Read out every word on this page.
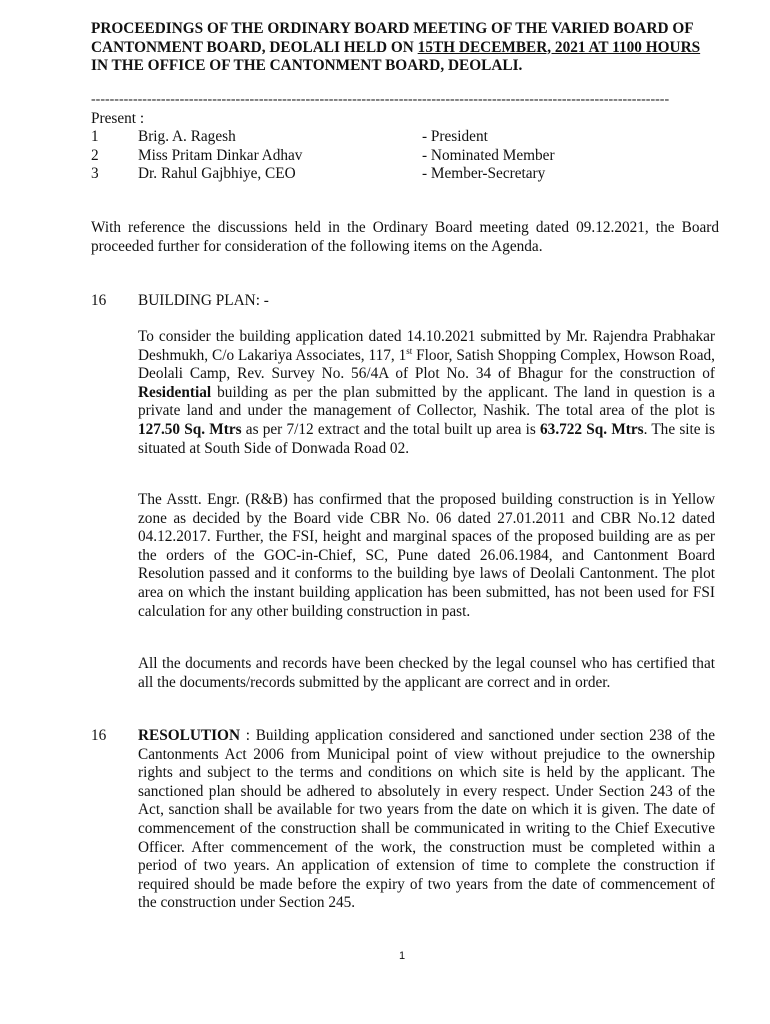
PROCEEDINGS OF THE ORDINARY BOARD MEETING OF THE VARIED BOARD OF CANTONMENT BOARD, DEOLALI HELD ON 15TH DECEMBER, 2021 AT 1100 HOURS IN THE OFFICE OF THE CANTONMENT BOARD, DEOLALI.
----------------------------------------------------------------------------------------------------------------------------
Present :
1	Brig. A. Ragesh	- President
2	Miss Pritam Dinkar Adhav	- Nominated Member
3	Dr. Rahul Gajbhiye, CEO	- Member-Secretary
With reference the discussions held in the Ordinary Board meeting dated 09.12.2021, the Board proceeded further for consideration of the following items on the Agenda.
16 BUILDING PLAN: -
To consider the building application dated 14.10.2021 submitted by Mr. Rajendra Prabhakar Deshmukh, C/o Lakariya Associates, 117, 1st Floor, Satish Shopping Complex, Howson Road, Deolali Camp, Rev. Survey No. 56/4A of Plot No. 34 of Bhagur for the construction of Residential building as per the plan submitted by the applicant. The land in question is a private land and under the management of Collector, Nashik. The total area of the plot is 127.50 Sq. Mtrs as per 7/12 extract and the total built up area is 63.722 Sq. Mtrs. The site is situated at South Side of Donwada Road 02.
The Asstt. Engr. (R&B) has confirmed that the proposed building construction is in Yellow zone as decided by the Board vide CBR No. 06 dated 27.01.2011 and CBR No.12 dated 04.12.2017. Further, the FSI, height and marginal spaces of the proposed building are as per the orders of the GOC-in-Chief, SC, Pune dated 26.06.1984, and Cantonment Board Resolution passed and it conforms to the building bye laws of Deolali Cantonment. The plot area on which the instant building application has been submitted, has not been used for FSI calculation for any other building construction in past.
All the documents and records have been checked by the legal counsel who has certified that all the documents/records submitted by the applicant are correct and in order.
16 RESOLUTION : Building application considered and sanctioned under section 238 of the Cantonments Act 2006 from Municipal point of view without prejudice to the ownership rights and subject to the terms and conditions on which site is held by the applicant. The sanctioned plan should be adhered to absolutely in every respect. Under Section 243 of the Act, sanction shall be available for two years from the date on which it is given. The date of commencement of the construction shall be communicated in writing to the Chief Executive Officer. After commencement of the work, the construction must be completed within a period of two years. An application of extension of time to complete the construction if required should be made before the expiry of two years from the date of commencement of the construction under Section 245.
1
